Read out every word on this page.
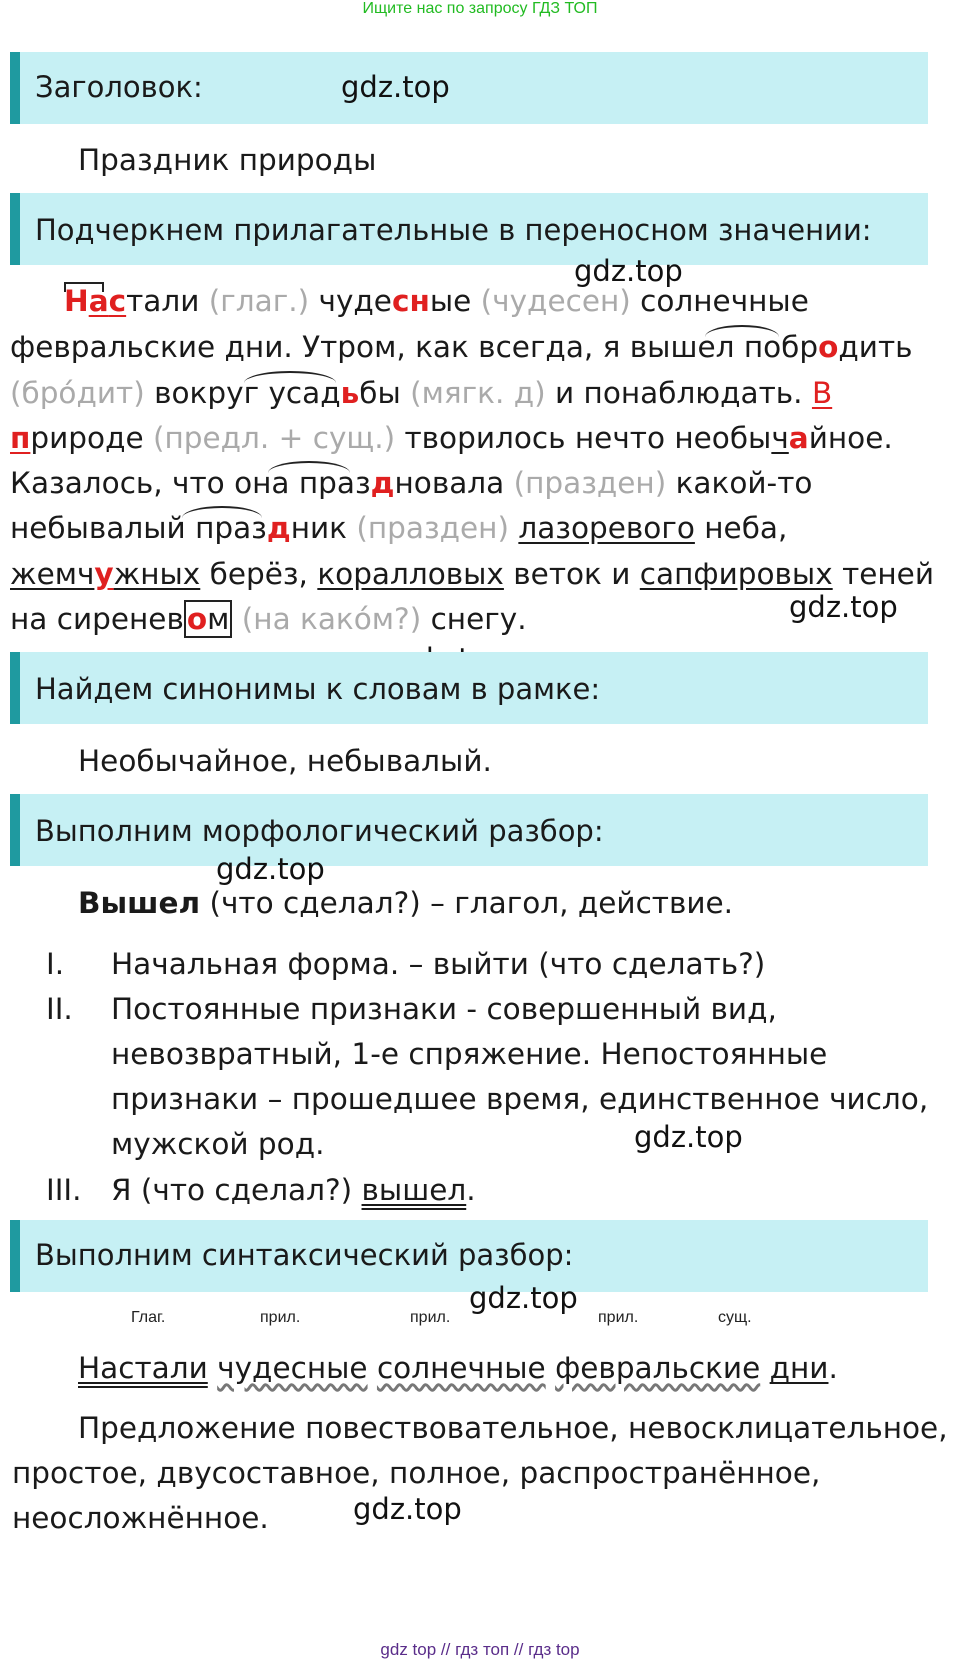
Ищите нас по запросу ГДЗ ТОП
Заголовок:	gdz.top
Праздник природы
Подчеркнем прилагательные в переносном значении:
gdz.top
Настали (глаг.) чудесные (чудесен) солнечные
февральские дни. Утром, как всегда, я вышел побродить
(бро́дит) вокруг усадьбы (мягк. д) и понаблюдать. В
природе (предл. + сущ.) творилось нечто необычайное.
Казалось, что она праздновала (празден) какой-то
небывалый праздник (празден) лазоревого неба,
жемчужных берёз, коралловых веток и сапфировых теней
gdz.top
на сиренев ом (на како́м?) снегу.
Найдем синонимы к словам в рамке:
Необычайное, небывалый.
Выполним морфологический разбор:
gdz.top
Вышел (что сделал?) – глагол, действие.
I. Начальная форма. – выйти (что сделать?)
II. Постоянные признаки - совершенный вид,
невозвратный, 1-е спряжение. Непостоянные
признаки – прошедшее время, единственное число,
мужской род.	gdz.top
III. Я (что сделал?) вышел.
Выполним синтаксический разбор:
gdz.top
Глаг.	прил.	прил.	прил.	сущ.
Настали чудесные солнечные февральские дни.
Предложение повествовательное, невосклицательное,
простое, двусоставное, полное, распространённое,
неосложнённое.	gdz.top
gdz top // гдз топ // гдз top
